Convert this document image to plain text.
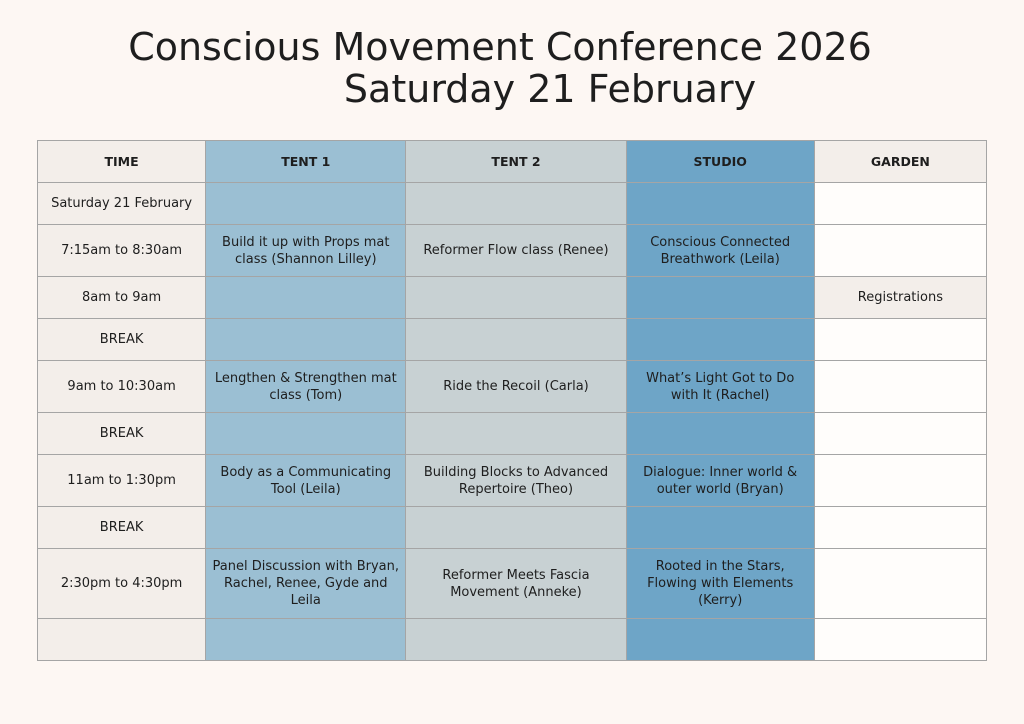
Conscious Movement Conference 2026
Saturday 21 February
TIME	TENT 1	TENT 2	STUDIO	GARDEN
Saturday 21 February				
7:15am to 8:30am	Build it up with Props mat class (Shannon Lilley)	Reformer Flow class (Renee)	Conscious Connected Breathwork (Leila)	
8am to 9am				Registrations
BREAK				
9am to 10:30am	Lengthen & Strengthen mat class (Tom)	Ride the Recoil (Carla)	What’s Light Got to Do with It (Rachel)	
BREAK				
11am to 1:30pm	Body as a Communicating Tool (Leila)	Building Blocks to Advanced Repertoire (Theo)	Dialogue: Inner world & outer world (Bryan)	
BREAK				
2:30pm to 4:30pm	Panel Discussion with Bryan, Rachel, Renee, Gyde and Leila	Reformer Meets Fascia Movement (Anneke)	Rooted in the Stars, Flowing with Elements (Kerry)	
